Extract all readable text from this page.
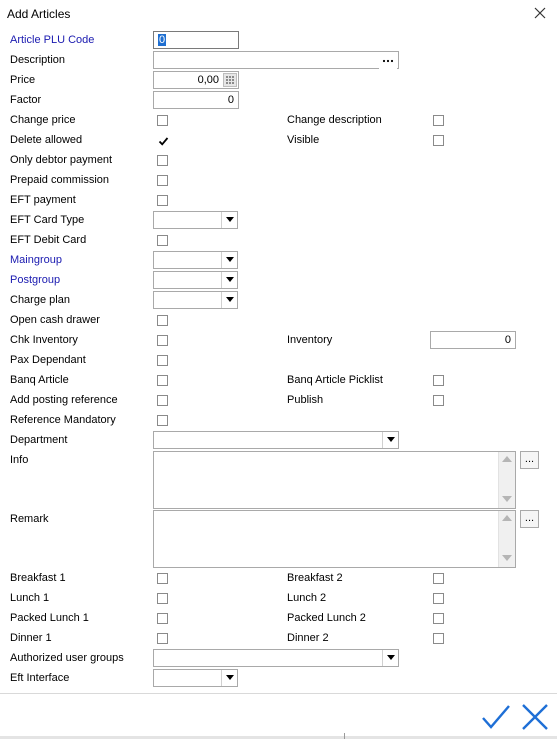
Add Articles
Article PLU Code	0
Description
Price	0,00
Factor	0
Change price	Change description
Delete allowed	Visible
Only debtor payment
Prepaid commission
EFT payment
EFT Card Type
EFT Debit Card
Maingroup
Postgroup
Charge plan
Open cash drawer
Chk Inventory	Inventory	0
Pax Dependant
Banq Article	Banq Article Picklist
Add posting reference	Publish
Reference Mandatory
Department
Info	...
Remark	...
Breakfast 1	Breakfast 2
Lunch 1	Lunch 2
Packed Lunch 1	Packed Lunch 2
Dinner 1	Dinner 2
Authorized user groups
Eft Interface
